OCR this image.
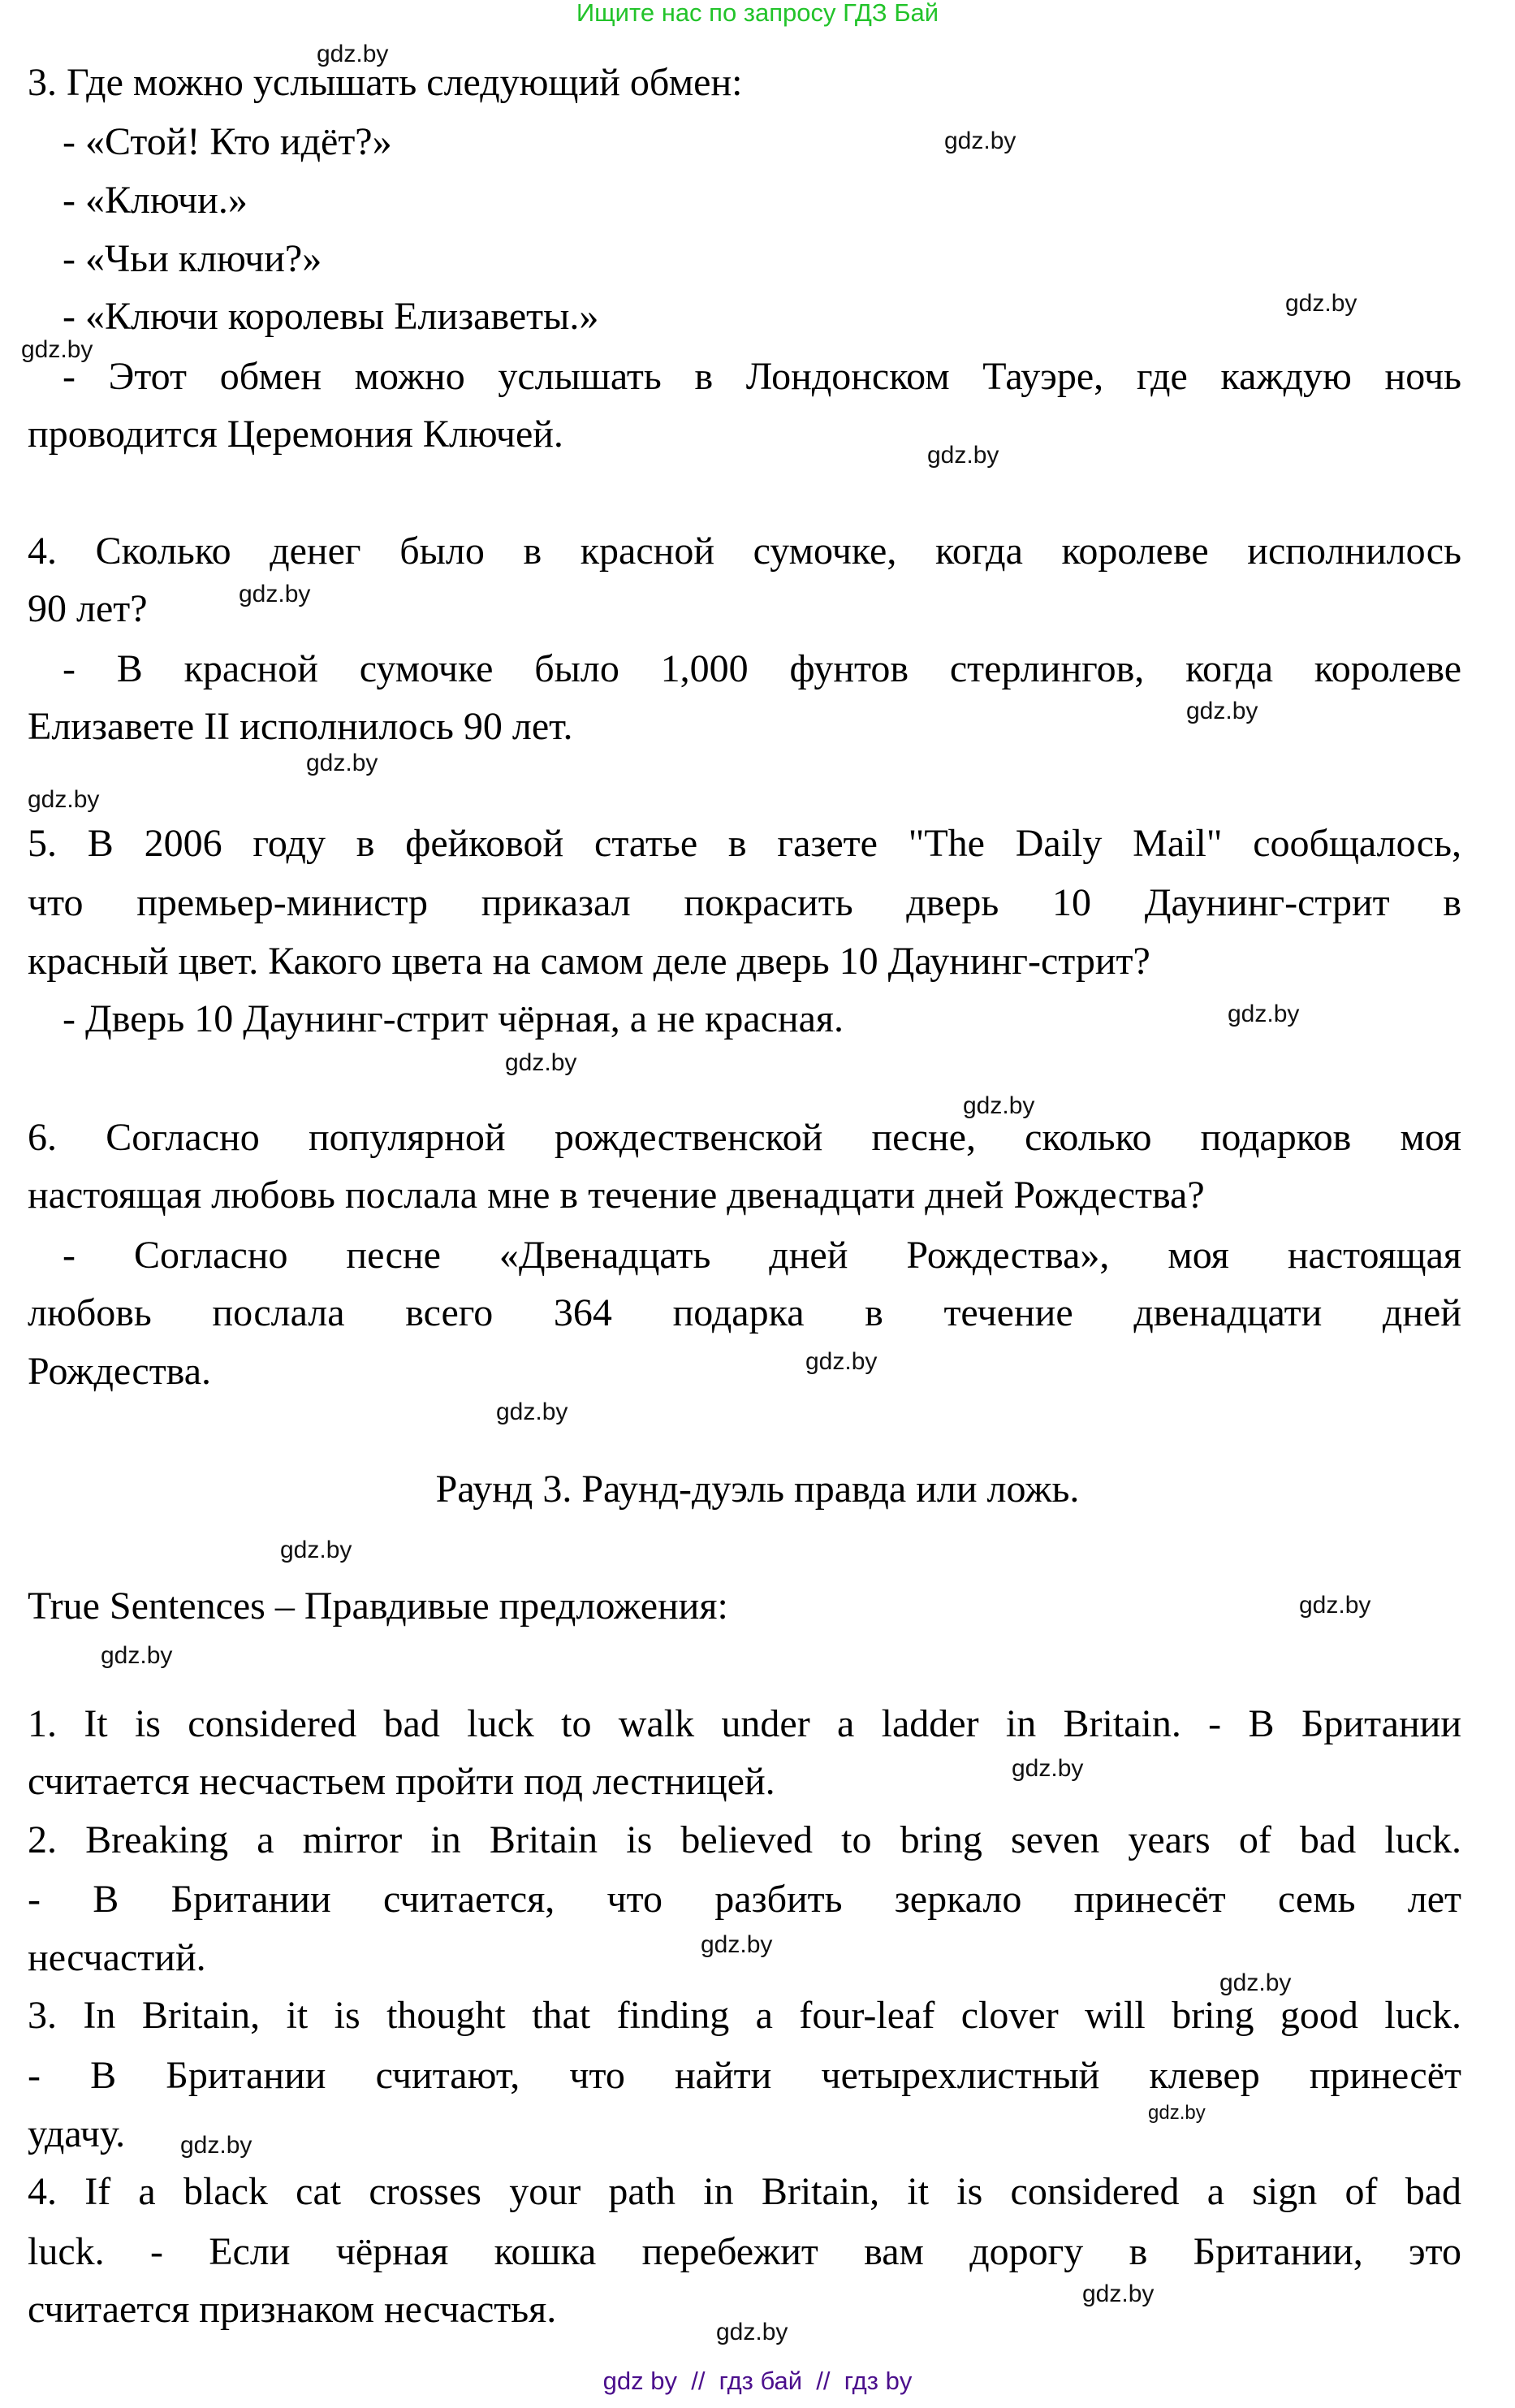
Ищите нас по запросу ГДЗ Бай
3. Где можно услышать следующий обмен:
- «Стой! Кто идёт?»
- «Ключи.»
- «Чьи ключи?»
- «Ключи королевы Елизаветы.»
- Этот обмен можно услышать в Лондонском Тауэре, где каждую ночь
проводится Церемония Ключей.
4. Сколько денег было в красной сумочке, когда королеве исполнилось
90 лет?
- В красной сумочке было 1,000 фунтов стерлингов, когда королеве
Елизавете II исполнилось 90 лет.
5. В 2006 году в фейковой статье в газете "The Daily Mail" сообщалось,
что премьер-министр приказал покрасить дверь 10 Даунинг-стрит в
красный цвет. Какого цвета на самом деле дверь 10 Даунинг-стрит?
- Дверь 10 Даунинг-стрит чёрная, а не красная.
6. Согласно популярной рождественской песне, сколько подарков моя
настоящая любовь послала мне в течение двенадцати дней Рождества?
- Согласно песне «Двенадцать дней Рождества», моя настоящая
любовь послала всего 364 подарка в течение двенадцати дней
Рождества.
Раунд 3. Раунд-дуэль правда или ложь.
True Sentences – Правдивые предложения:
1. It is considered bad luck to walk under a ladder in Britain. - В Британии
считается несчастьем пройти под лестницей.
2. Breaking a mirror in Britain is believed to bring seven years of bad luck.
- В Британии считается, что разбить зеркало принесёт семь лет
несчастий.
3. In Britain, it is thought that finding a four-leaf clover will bring good luck.
- В Британии считают, что найти четырехлистный клевер принесёт
удачу.
4. If a black cat crosses your path in Britain, it is considered a sign of bad
luck. - Если чёрная кошка перебежит вам дорогу в Британии, это
считается признаком несчастья.
gdz.by
gdz.by
gdz.by
gdz.by
gdz.by
gdz.by
gdz.by
gdz.by
gdz.by
gdz.by
gdz.by
gdz.by
gdz.by
gdz.by
gdz.by
gdz.by
gdz.by
gdz.by
gdz.by
gdz.by
gdz.by
gdz.by
gdz.by
gdz.by
gdz by  //  гдз бай  //  гдз by
